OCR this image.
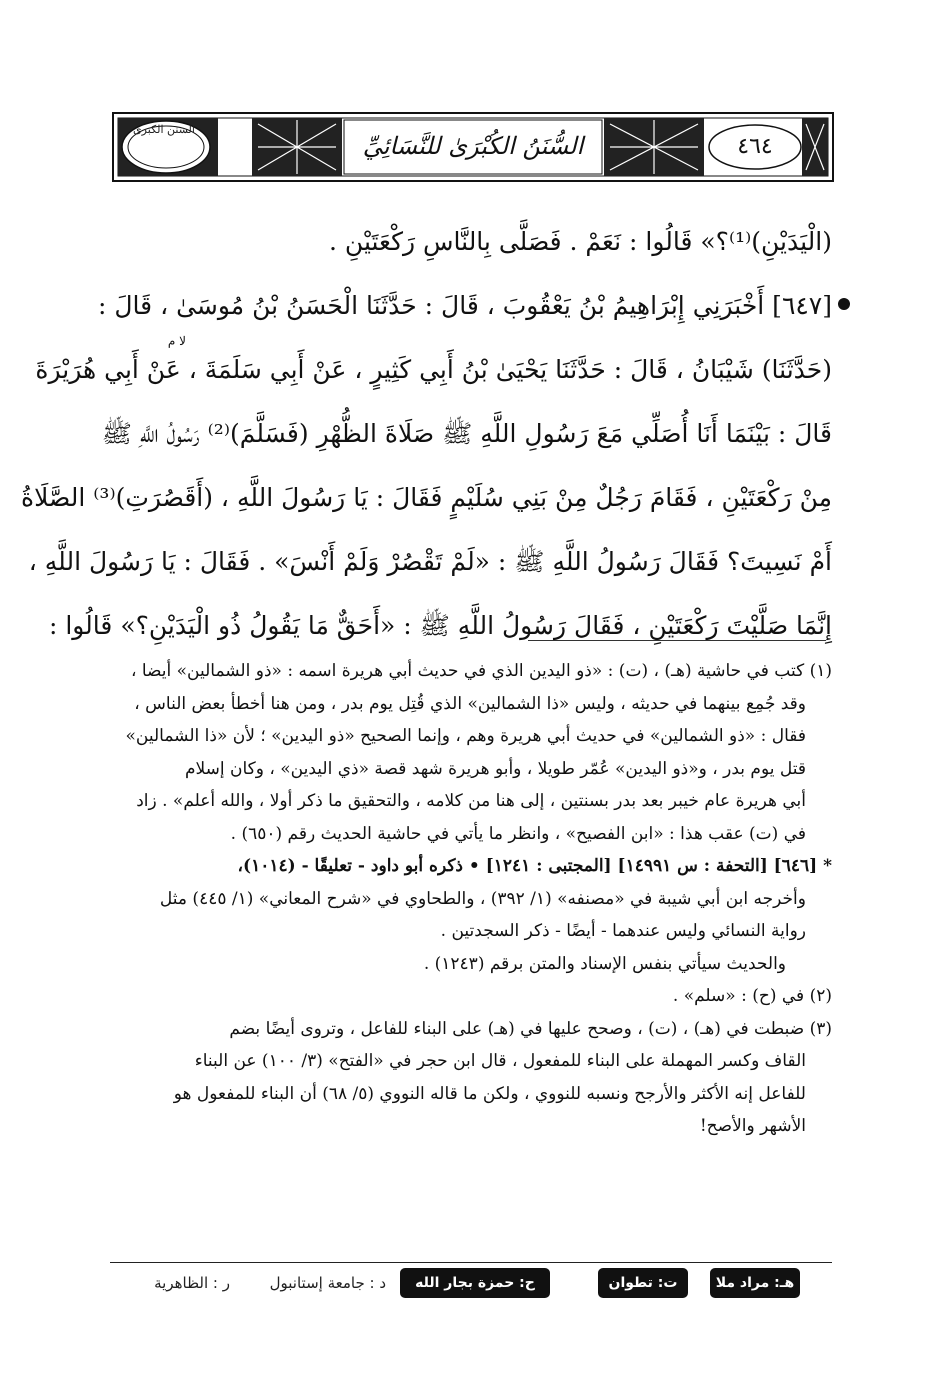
السنن الكبرى
السُّنَنُ الكُبْرَىٰ للنَّسَائِيِّ	٤٦٤
(الْيَدَيْنِ)⁽¹⁾؟» قَالُوا : نَعَمْ . فَصَلَّى بِالنَّاسِ رَكْعَتَيْنِ .
[٦٤٧] أَخْبَرَنِي إِبْرَاهِيمُ بْنُ يَعْقُوبَ ، قَالَ : حَدَّثَنَا الْحَسَنُ بْنُ مُوسَىٰ ، قَالَ :
لا م
(حَدَّثَنَا) شَيْبَانُ ، قَالَ : حَدَّثَنَا يَحْيَىٰ بْنُ أَبِي كَثِيرٍ ، عَنْ أَبِي سَلَمَةَ ، عَنْ أَبِي هُرَيْرَةَ
قَالَ : بَيْنَمَا أَنَا أُصَلِّي مَعَ رَسُولِ اللَّهِ ﷺ صَلَاةَ الظُّهْرِ (فَسَلَّمَ)⁽²⁾ رَسُولُ اللَّهِ ﷺ
مِنْ رَكْعَتَيْنِ ، فَقَامَ رَجُلٌ مِنْ بَنِي سُلَيْمٍ فَقَالَ : يَا رَسُولَ اللَّهِ ، (أَقَصُرَتِ)⁽³⁾ الصَّلَاةُ
أَمْ نَسِيتَ؟ فَقَالَ رَسُولُ اللَّهِ ﷺ : «لَمْ تَقْصُرْ وَلَمْ أَنْسَ» . فَقَالَ : يَا رَسُولَ اللَّهِ ،
إِنَّمَا صَلَّيْتَ رَكْعَتَيْنِ ، فَقَالَ رَسُولُ اللَّهِ ﷺ : «أَحَقٌّ مَا يَقُولُ ذُو الْيَدَيْنِ؟» قَالُوا :
(١) كتب في حاشية (هـ) ، (ت) : «ذو اليدين الذي في حديث أبي هريرة اسمه : «ذو الشمالين» أيضا ،
وقد جُمِع بينهما في حديثه ، وليس «ذا الشمالين» الذي قُتِل يوم بدر ، ومن هنا أخطأ بعض الناس ،
فقال : «ذو الشمالين» في حديث أبي هريرة وهم ، وإنما الصحيح «ذو اليدين» ؛ لأن «ذا الشمالين»
قتل يوم بدر ، و«ذو اليدين» عُمّر طويلا ، وأبو هريرة شهد قصة «ذي اليدين» ، وكان إسلام
أبي هريرة عام خيبر بعد بدر بسنتين ، إلى هنا من كلامه ، والتحقيق ما ذكر أولا ، والله أعلم» . زاد
في (ت) عقب هذا : «ابن الفصيح» ، وانظر ما يأتي في حاشية الحديث رقم (٦٥٠) .
* [٦٤٦] [التحفة : س ١٤٩٩١] [المجتبى : ١٢٤١] • ذكره أبو داود - تعليقًا - (١٠١٤)،
وأخرجه ابن أبي شيبة في «مصنفه» (١/ ٣٩٢) ، والطحاوي في «شرح المعاني» (١/ ٤٤٥) مثل
رواية النسائي وليس عندهما - أيضًا - ذكر السجدتين .
والحديث سيأتي بنفس الإسناد والمتن برقم (١٢٤٣) .
(٢) في (ح) : «سلم» .
(٣) ضبطت في (هـ) ، (ت) ، وصحح عليها في (هـ) على البناء للفاعل ، وتروى أيضًا بضم
القاف وكسر المهملة على البناء للمفعول ، قال ابن حجر في «الفتح» (٣/ ١٠٠) عن البناء
للفاعل إنه الأكثر والأرجح ونسبه للنووي ، ولكن ما قاله النووي (٥/ ٦٨) أن البناء للمفعول هو
الأشهر والأصح!
هـ: مراد ملا
ت: تطوان
ح: حمزة بجار الله
د : جامعة إستانبول
ر : الظاهرية
